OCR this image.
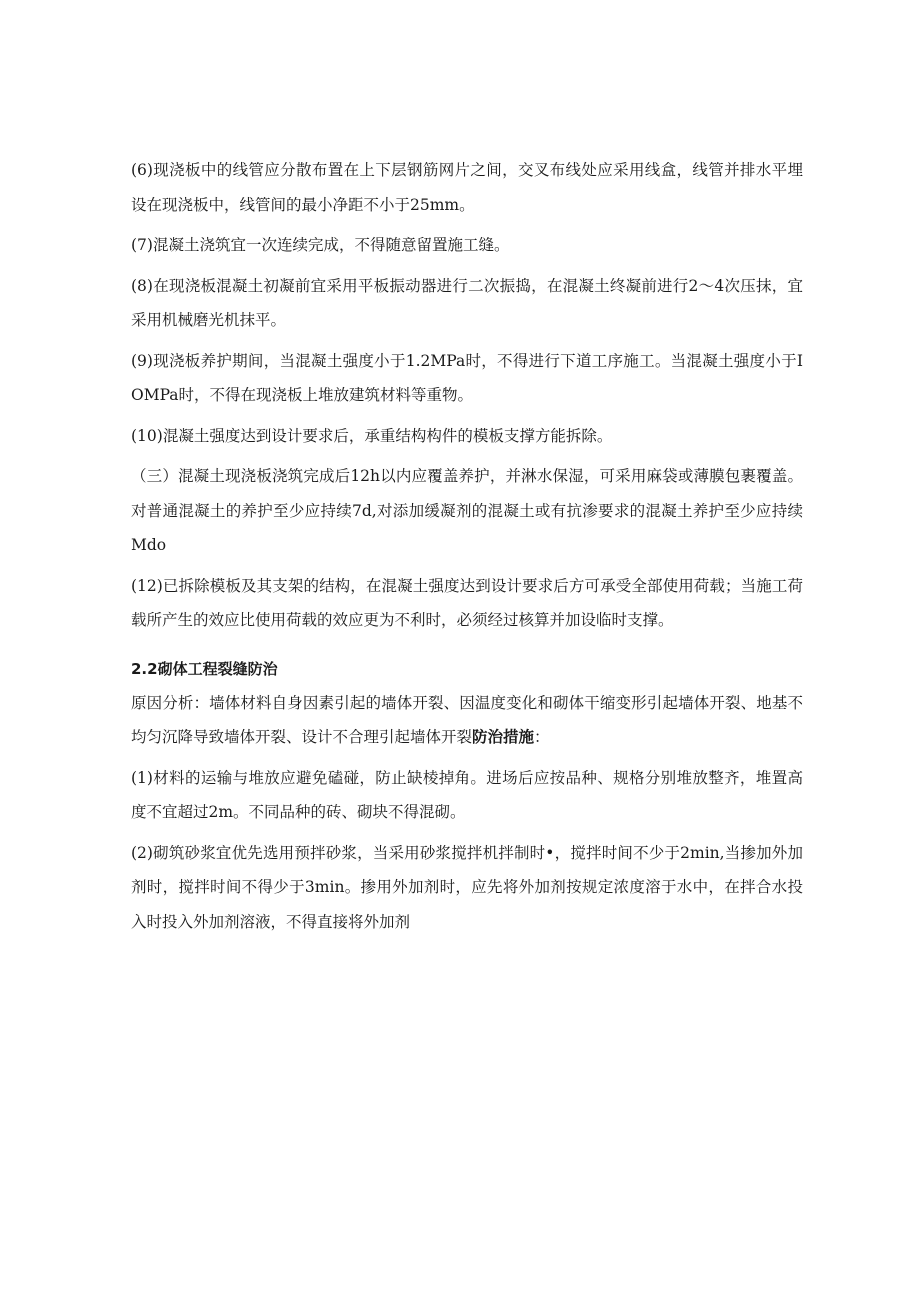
(6)现浇板中的线管应分散布置在上下层钢筋网片之间，交叉布线处应采用线盒，线管并排水平埋设在现浇板中，线管间的最小净距不小于25mm。

(7)混凝土浇筑宜一次连续完成，不得随意留置施工缝。

(8)在现浇板混凝土初凝前宜采用平板振动器进行二次振捣，在混凝土终凝前进行2～4次压抹，宜采用机械磨光机抹平。

(9)现浇板养护期间，当混凝土强度小于1.2MPa时，不得进行下道工序施工。当混凝土强度小于IOMPa时，不得在现浇板上堆放建筑材料等重物。

(10)混凝土强度达到设计要求后，承重结构构件的模板支撑方能拆除。

（三）混凝土现浇板浇筑完成后12h以内应覆盖养护，并淋水保湿，可采用麻袋或薄膜包裹覆盖。对普通混凝土的养护至少应持续7d,对添加缓凝剂的混凝土或有抗渗要求的混凝土养护至少应持续Mdo

(12)已拆除模板及其支架的结构，在混凝土强度达到设计要求后方可承受全部使用荷载；当施工荷载所产生的效应比使用荷载的效应更为不利时，必须经过核算并加设临时支撑。

2.2砌体工程裂缝防治

原因分析：墙体材料自身因素引起的墙体开裂、因温度变化和砌体干缩变形引起墙体开裂、地基不均匀沉降导致墙体开裂、设计不合理引起墙体开裂防治措施：

(1)材料的运输与堆放应避免磕碰，防止缺棱掉角。进场后应按品种、规格分别堆放整齐，堆置高度不宜超过2m。不同品种的砖、砌块不得混砌。

(2)砌筑砂浆宜优先选用预拌砂浆，当采用砂浆搅拌机拌制时•，搅拌时间不少于2min,当掺加外加剂时，搅拌时间不得少于3min。掺用外加剂时，应先将外加剂按规定浓度溶于水中，在拌合水投入时投入外加剂溶液，不得直接将外加剂
